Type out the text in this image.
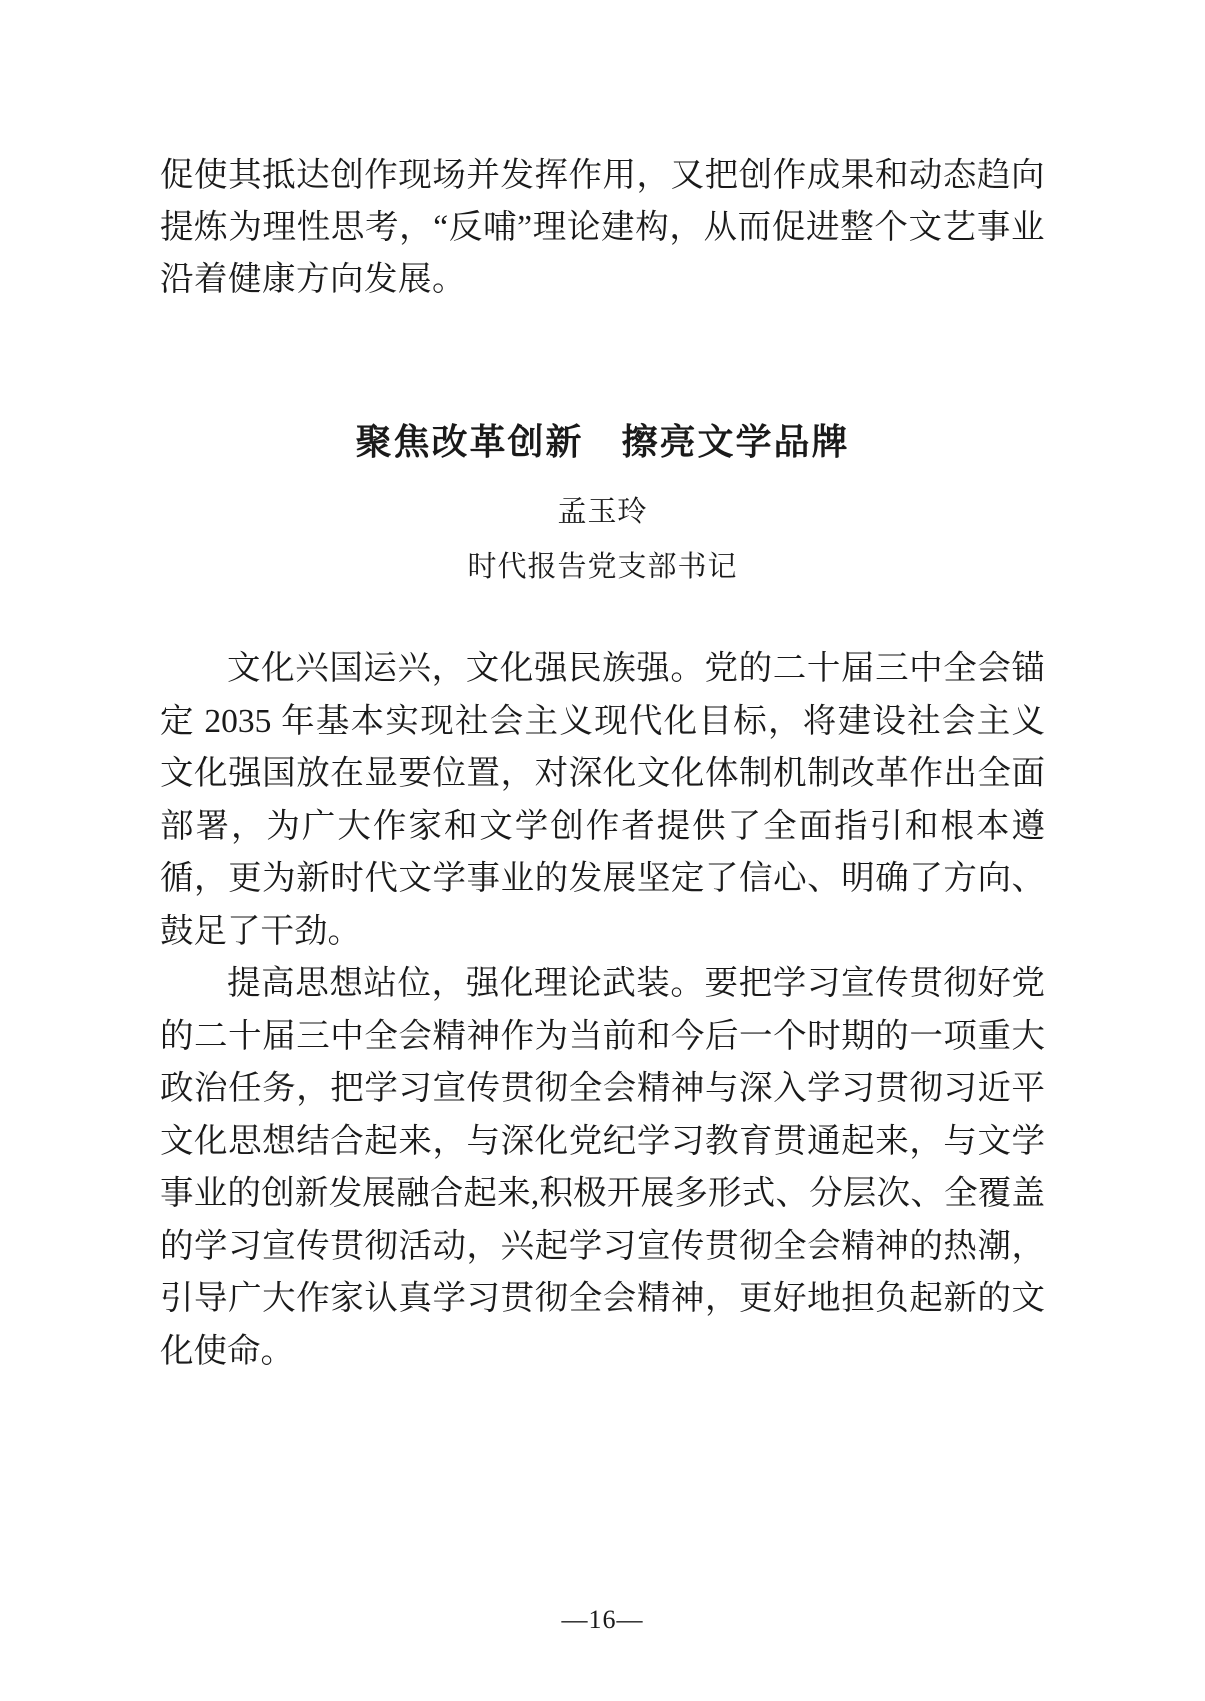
促使其抵达创作现场并发挥作用，又把创作成果和动态趋向提炼为理性思考，“反哺”理论建构，从而促进整个文艺事业沿着健康方向发展。

聚焦改革创新　擦亮文学品牌
孟玉玲
时代报告党支部书记

文化兴国运兴，文化强民族强。党的二十届三中全会锚定 2035 年基本实现社会主义现代化目标，将建设社会主义文化强国放在显要位置，对深化文化体制机制改革作出全面部署，为广大作家和文学创作者提供了全面指引和根本遵循，更为新时代文学事业的发展坚定了信心、明确了方向、鼓足了干劲。

提高思想站位，强化理论武装。要把学习宣传贯彻好党的二十届三中全会精神作为当前和今后一个时期的一项重大政治任务，把学习宣传贯彻全会精神与深入学习贯彻习近平文化思想结合起来，与深化党纪学习教育贯通起来，与文学事业的创新发展融合起来,积极开展多形式、分层次、全覆盖的学习宣传贯彻活动，兴起学习宣传贯彻全会精神的热潮，引导广大作家认真学习贯彻全会精神，更好地担负起新的文化使命。

—16—
